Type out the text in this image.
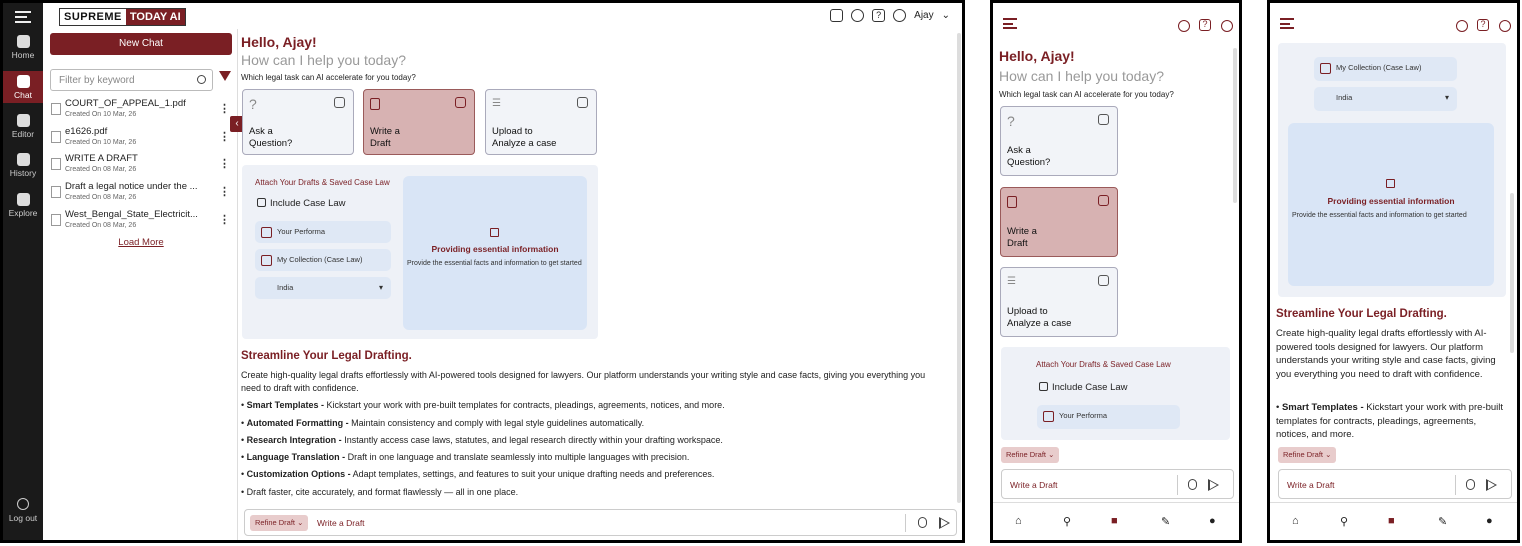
Home
Chat
Editor
History
Explore
Log out
SUPREME TODAY AI	?	Ajay ⌄
New Chat
Filter by keyword
COURT_OF_APPEAL_1.pdf
Created On 10 Mar, 26	⋮
e1626.pdf
Created On 10 Mar, 26	⋮
WRITE A DRAFT
Created On 08 Mar, 26	⋮
Draft a legal notice under the ...
Created On 08 Mar, 26	⋮
West_Bengal_State_Electricit...
Created On 08 Mar, 26	⋮
Load More
‹
Hello, Ajay!
How can I help you today?
Which legal task can AI accelerate for you today?
?
Ask a
Question?
Write a
Draft
☰
Upload to
Analyze a case
Attach Your Drafts & Saved Case Law
Include Case Law
Your Performa
My Collection (Case Law)
India ▾
Providing essential information
Provide the essential facts and information to get started
Streamline Your Legal Drafting.
Create high-quality legal drafts effortlessly with AI-powered tools designed for lawyers. Our platform understands your writing style and case facts, giving you everything you need to draft with confidence.
• Smart Templates - Kickstart your work with pre-built templates for contracts, pleadings, agreements, notices, and more.
• Automated Formatting - Maintain consistency and comply with legal style guidelines automatically.
• Research Integration - Instantly access case laws, statutes, and legal research directly within your drafting workspace.
• Language Translation - Draft in one language and translate seamlessly into multiple languages with precision.
• Customization Options - Adapt templates, settings, and features to suit your unique drafting needs and preferences.
• Draft faster, cite accurately, and format flawlessly — all in one place.
Refine Draft ⌄	Write a Draft
?
Hello, Ajay!
How can I help you today?
Which legal task can AI accelerate for you today?
?
Ask a
Question?
Write a
Draft
☰
Upload to
Analyze a case
Attach Your Drafts & Saved Case Law
Include Case Law
Your Performa
Refine Draft ⌄
Write a Draft
⌂	⚲	■	✎	●
?
My Collection (Case Law)
India ▾
Providing essential information
Provide the essential facts and information to get started
Streamline Your Legal Drafting.
Create high-quality legal drafts effortlessly with AI-powered tools designed for lawyers. Our platform understands your writing style and case facts, giving you everything you need to draft with confidence.
• Smart Templates - Kickstart your work with pre-built templates for contracts, pleadings, agreements, notices, and more.
Refine Draft ⌄
Write a Draft
⌂	⚲	■	✎	●
